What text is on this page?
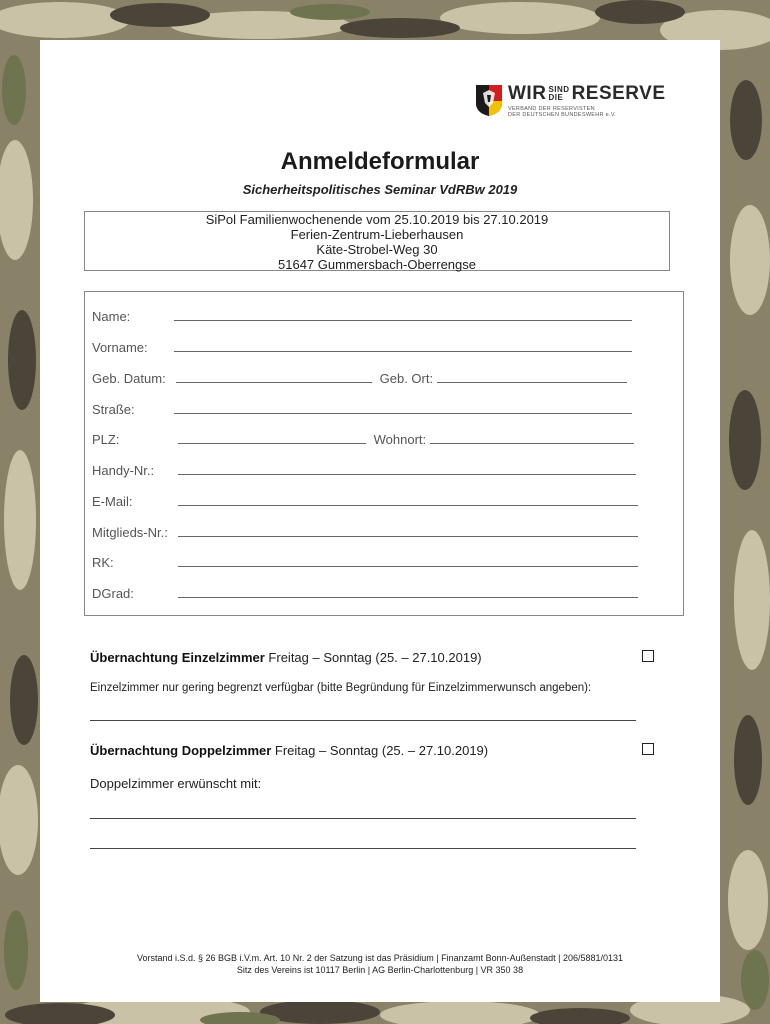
WIR SIND
DIE RESERVE
VERBAND DER RESERVISTEN
DER DEUTSCHEN BUNDESWEHR e.V.
Anmeldeformular
Sicherheitspolitisches Seminar VdRBw 2019
SiPol Familienwochenende vom 25.10.2019 bis 27.10.2019
Ferien-Zentrum-Lieberhausen
Käte-Strobel-Weg 30
51647 Gummersbach-Oberrengse
Name:
Vorname:
Geb. Datum:	Geb. Ort:
Straße:
PLZ:	Wohnort:
Handy-Nr.:
E-Mail:
Mitglieds-Nr.:
RK:
DGrad:
Übernachtung Einzelzimmer Freitag – Sonntag (25. – 27.10.2019)
Einzelzimmer nur gering begrenzt verfügbar (bitte Begründung für Einzelzimmerwunsch angeben):
Übernachtung Doppelzimmer Freitag – Sonntag (25. – 27.10.2019)
Doppelzimmer erwünscht mit:
Vorstand i.S.d. § 26 BGB i.V.m. Art. 10 Nr. 2 der Satzung ist das Präsidium | Finanzamt Bonn-Außenstadt | 206/5881/0131
Sitz des Vereins ist 10117 Berlin | AG Berlin-Charlottenburg | VR 350 38
